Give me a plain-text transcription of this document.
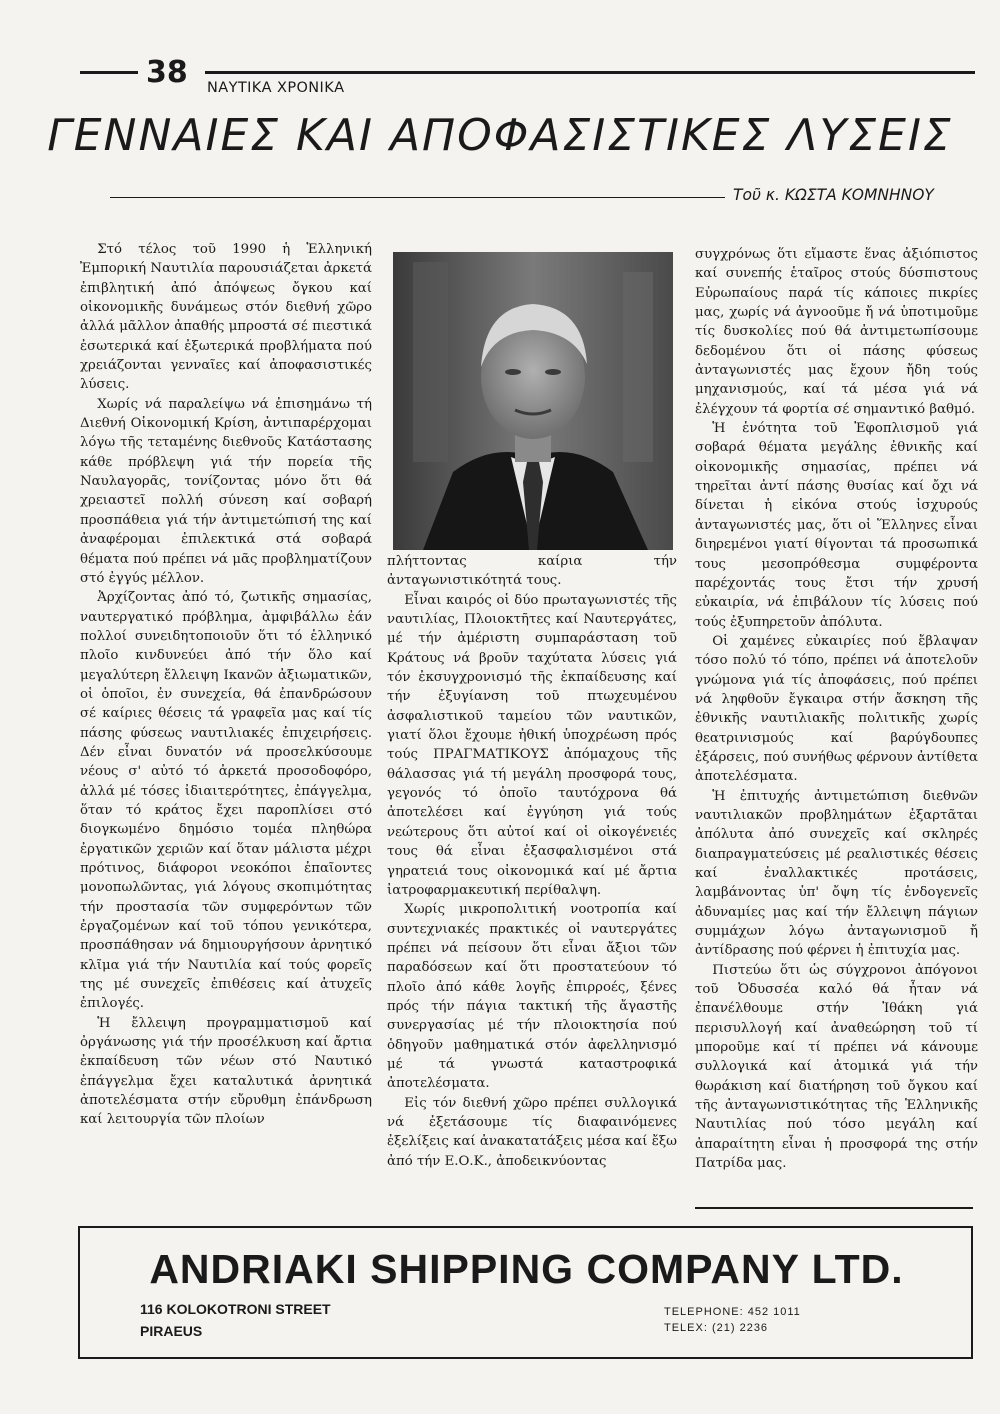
38 ΝΑΥΤΙΚΑ ΧΡΟΝΙΚΑ
ΓΕΝΝΑΙΕΣ ΚΑΙ ΑΠΟΦΑΣΙΣΤΙΚΕΣ ΛΥΣΕΙΣ
Τοῦ κ. ΚΩΣΤΑ ΚΟΜΝΗΝΟΥ

Στό τέλος τοῦ 1990 ἡ Ἑλληνική Ἐμπορική Ναυτιλία παρουσιάζεται ἀρκετά ἐπιβλητική ἀπό ἀπόψεως ὄγκου καί οἰκονομικῆς δυνάμεως στόν διεθνή χῶρο ἀλλά μᾶλλον ἀπαθής μπροστά σέ πιεστικά ἐσωτερικά καί ἐξωτερικά προβλήματα πού χρειάζονται γενναῖες καί ἀποφασιστικές λύσεις.

Χωρίς νά παραλείψω νά ἐπισημάνω τή Διεθνή Οἰκονομική Κρίση, ἀντιπαρέρχομαι λόγω τῆς τεταμένης διεθνοῦς Κατάστασης κάθε πρόβλεψη γιά τήν πορεία τῆς Ναυλαγορᾶς, τονίζοντας μόνο ὅτι θά χρειαστεῖ πολλή σύνεση καί σοβαρή προσπάθεια γιά τήν ἀντιμετώπισή της καί ἀναφέρομαι ἐπιλεκτικά στά σοβαρά θέματα πού πρέπει νά μᾶς προβληματίζουν στό ἐγγύς μέλλον.

Ἀρχίζοντας ἀπό τό, ζωτικῆς σημασίας, ναυτεργατικό πρόβλημα, ἀμφιβάλλω ἐάν πολλοί συνειδητοποιοῦν ὅτι τό ἑλληνικό πλοῖο κινδυνεύει ἀπό τήν ὅλο καί μεγαλύτερη ἔλλειψη Ικανῶν ἀξιωματικῶν, οἱ ὁποῖοι, ἐν συνεχεία, θά ἐπανδρώσουν σέ καίριες θέσεις τά γραφεῖα μας καί τίς πάσης φύσεως ναυτιλιακές ἐπιχειρήσεις. Δέν εἶναι δυνατόν νά προσελκύσουμε νέους σ' αὐτό τό ἀρκετά προσοδοφόρο, ἀλλά μέ τόσες ἰδιαιτερότητες, ἐπάγγελμα, ὅταν τό κράτος ἔχει παροπλίσει στό διογκωμένο δημόσιο τομέα πληθώρα ἐργατικῶν χεριῶν καί ὅταν μάλιστα μέχρι πρότινος, διάφοροι νεοκόποι ἐπαῖοντες μονοπωλῶντας, γιά λόγους σκοπιμότητας τήν προστασία τῶν συμφερόντων τῶν ἐργαζομένων καί τοῦ τόπου γενικότερα, προσπάθησαν νά δημιουργήσουν ἀρνητικό κλῖμα γιά τήν Ναυτιλία καί τούς φορεῖς της μέ συνεχεῖς ἐπιθέσεις καί ἀτυχεῖς ἐπιλογές.

Ἡ ἔλλειψη προγραμματισμοῦ καί ὀργάνωσης γιά τήν προσέλκυση καί ἄρτια ἐκπαίδευση τῶν νέων στό Ναυτικό ἐπάγγελμα ἔχει καταλυτικά ἀρνητικά ἀποτελέσματα στήν εὔρυθμη ἐπάνδρωση καί λειτουργία τῶν πλοίων

πλήττοντας καίρια τήν ἀνταγωνιστικότητά τους.

Εἶναι καιρός οἱ δύο πρωταγωνιστές τῆς ναυτιλίας, Πλοιοκτῆτες καί Ναυτεργάτες, μέ τήν ἀμέριστη συμπαράσταση τοῦ Κράτους νά βροῦν ταχύτατα λύσεις γιά τόν ἐκσυγχρονισμό τῆς ἐκπαίδευσης καί τήν ἐξυγίανση τοῦ πτωχευμένου ἀσφαλιστικοῦ ταμείου τῶν ναυτικῶν, γιατί ὅλοι ἔχουμε ἠθική ὑποχρέωση πρός τούς ΠΡΑΓΜΑΤΙΚΟΥΣ ἀπόμαχους τῆς θάλασσας γιά τή μεγάλη προσφορά τους, γεγονός τό ὁποῖο ταυτόχρονα θά ἀποτελέσει καί ἐγγύηση γιά τούς νεώτερους ὅτι αὐτοί καί οἱ οἰκογένειές τους θά εἶναι ἐξασφαλισμένοι στά γηρατειά τους οἰκονομικά καί μέ ἄρτια ἰατροφαρμακευτική περίθαλψη.

Χωρίς μικροπολιτική νοοτροπία καί συντεχνιακές πρακτικές οἱ ναυτεργάτες πρέπει νά πείσουν ὅτι εἶναι ἄξιοι τῶν παραδόσεων καί ὅτι προστατεύουν τό πλοῖο ἀπό κάθε λογῆς ἐπιρροές, ξένες πρός τήν πάγια τακτική τῆς ἄγαστῆς συνεργασίας μέ τήν πλοιοκτησία πού ὁδηγοῦν μαθηματικά στόν ἀφελληνισμό μέ τά γνωστά καταστροφικά ἀποτελέσματα.

Εἰς τόν διεθνή χῶρο πρέπει συλλογικά νά ἐξετάσουμε τίς διαφαινόμενες ἐξελίξεις καί ἀνακατατάξεις μέσα καί ἔξω ἀπό τήν Ε.Ο.Κ., ἀποδεικνύοντας

συγχρόνως ὅτι εἴμαστε ἕνας ἀξιόπιστος καί συνεπής ἑταῖρος στούς δύσπιστους Εὐρωπαίους παρά τίς κάποιες πικρίες μας, χωρίς νά ἀγνοοῦμε ἤ νά ὑποτιμοῦμε τίς δυσκολίες πού θά ἀντιμετωπίσουμε δεδομένου ὅτι οἱ πάσης φύσεως ἀνταγωνιστές μας ἔχουν ἤδη τούς μηχανισμούς, καί τά μέσα γιά νά ἐλέγχουν τά φορτία σέ σημαντικό βαθμό.

Ἡ ἑνότητα τοῦ Ἐφοπλισμοῦ γιά σοβαρά θέματα μεγάλης ἐθνικῆς καί οἰκονομικῆς σημασίας, πρέπει νά τηρεῖται ἀντί πάσης θυσίας καί ὄχι νά δίνεται ἡ εἰκόνα στούς ἰσχυρούς ἀνταγωνιστές μας, ὅτι οἱ Ἕλληνες εἶναι διηρεμένοι γιατί θίγονται τά προσωπικά τους μεσοπρόθεσμα συμφέροντα παρέχοντάς τους ἔτσι τήν χρυσή εὐκαιρία, νά ἐπιβάλουν τίς λύσεις πού τούς ἐξυπηρετοῦν ἀπόλυτα.

Οἱ χαμένες εὐκαιρίες πού ἔβλαψαν τόσο πολύ τό τόπο, πρέπει νά ἀποτελοῦν γνώμονα γιά τίς ἀποφάσεις, πού πρέπει νά ληφθοῦν ἔγκαιρα στήν ἄσκηση τῆς ἐθνικῆς ναυτιλιακῆς πολιτικῆς χωρίς θεατρινισμούς καί βαρύγδουπες ἐξάρσεις, πού συνήθως φέρνουν ἀντίθετα ἀποτελέσματα.

Ἡ ἐπιτυχής ἀντιμετώπιση διεθνῶν ναυτιλιακῶν προβλημάτων ἐξαρτᾶται ἀπόλυτα ἀπό συνεχεῖς καί σκληρές διαπραγματεύσεις μέ ρεαλιστικές θέσεις καί ἐναλλακτικές προτάσεις, λαμβάνοντας ὑπ' ὄψη τίς ἐνδογενεῖς ἀδυναμίες μας καί τήν ἔλλειψη πάγιων συμμάχων λόγω ἀνταγωνισμοῦ ἤ ἀντίδρασης πού φέρνει ἡ ἐπιτυχία μας.

Πιστεύω ὅτι ὡς σύγχρονοι ἀπόγονοι τοῦ Ὀδυσσέα καλό θά ἦταν νά ἐπανέλθουμε στήν Ἰθάκη γιά περισυλλογή καί ἀναθεώρηση τοῦ τί μποροῦμε καί τί πρέπει νά κάνουμε συλλογικά καί ἀτομικά γιά τήν θωράκιση καί διατήρηση τοῦ ὄγκου καί τῆς ἀνταγωνιστικότητας τῆς Ἑλληνικῆς Ναυτιλίας πού τόσο μεγάλη καί ἀπαραίτητη εἶναι ἡ προσφορά της στήν Πατρίδα μας.

ANDRIAKI SHIPPING COMPANY LTD.
116 KOLOKOTRONI STREET
PIRAEUS
TELEPHONE: 452 1011
TELEX: (21) 2236
